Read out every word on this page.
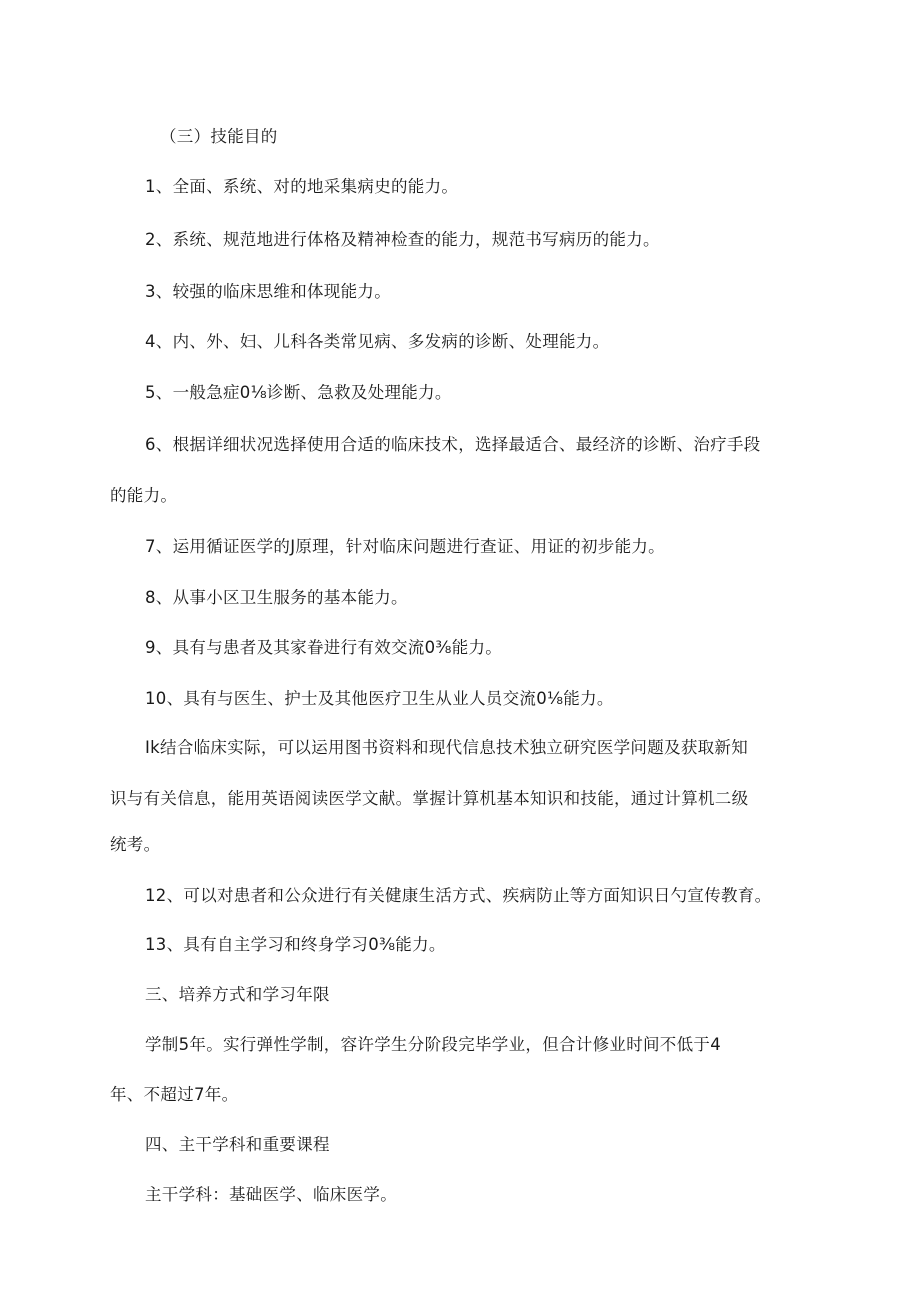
（三）技能目的
1、全面、系统、对的地采集病史的能力。
2、系统、规范地进行体格及精神检查的能力，规范书写病历的能力。
3、较强的临床思维和体现能力。
4、内、外、妇、儿科各类常见病、多发病的诊断、处理能力。
5、一般急症0⅛诊断、急救及处理能力。
6、根据详细状况选择使用合适的临床技术，选择最适合、最经济的诊断、治疗手段
的能力。
7、运用循证医学的J原理，针对临床问题进行查证、用证的初步能力。
8、从事小区卫生服务的基本能力。
9、具有与患者及其家眷进行有效交流0⅜能力。
10、具有与医生、护士及其他医疗卫生从业人员交流0⅛能力。
Ik结合临床实际，可以运用图书资料和现代信息技术独立研究医学问题及获取新知
识与有关信息，能用英语阅读医学文献。掌握计算机基本知识和技能，通过计算机二级
统考。
12、可以对患者和公众进行有关健康生活方式、疾病防止等方面知识日勺宣传教育。
13、具有自主学习和终身学习0⅜能力。
三、培养方式和学习年限
学制5年。实行弹性学制，容许学生分阶段完毕学业，但合计修业时间不低于4
年、不超过7年。
四、主干学科和重要课程
主干学科：基础医学、临床医学。
